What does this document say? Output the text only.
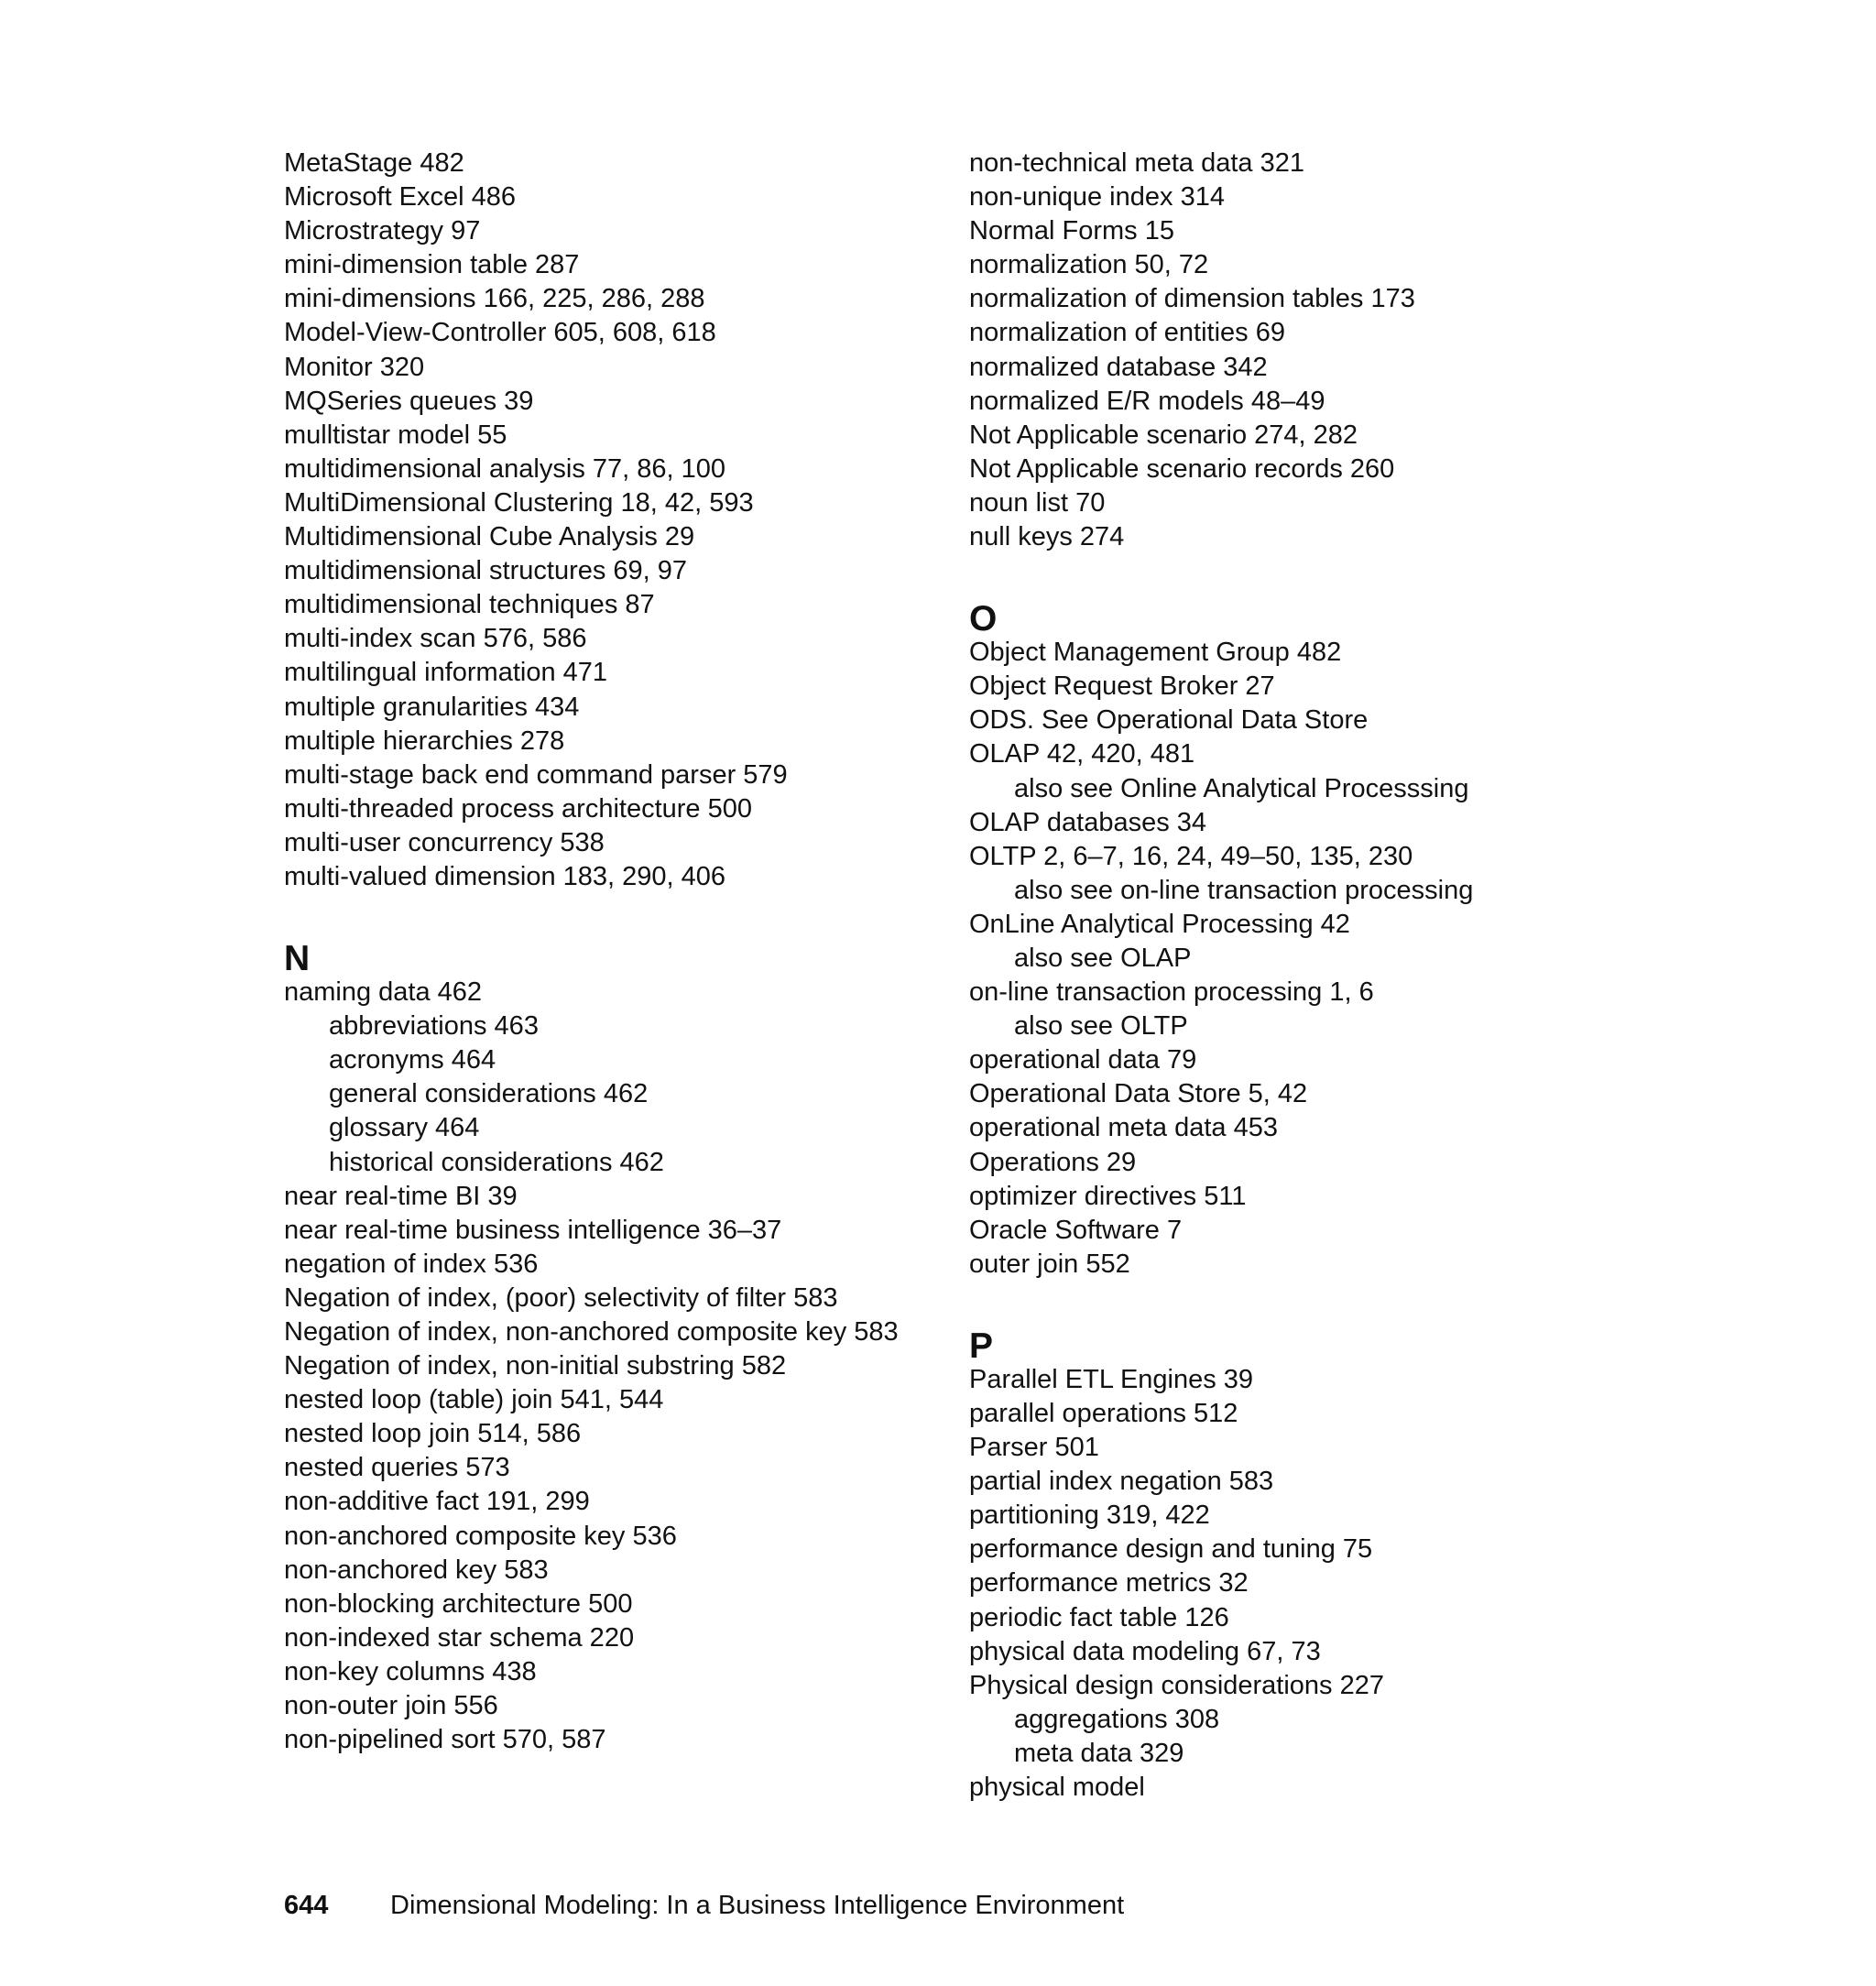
MetaStage 482

Microsoft Excel 486

Microstrategy 97

mini-dimension table 287

mini-dimensions 166, 225, 286, 288

Model-View-Controller 605, 608, 618

Monitor 320

MQSeries queues 39

mulltistar model 55

multidimensional analysis 77, 86, 100

MultiDimensional Clustering 18, 42, 593

Multidimensional Cube Analysis 29

multidimensional structures 69, 97

multidimensional techniques 87

multi-index scan 576, 586

multilingual information 471

multiple granularities 434

multiple hierarchies 278

multi-stage back end command parser 579

multi-threaded process architecture 500

multi-user concurrency 538

multi-valued dimension 183, 290, 406

N

naming data 462

abbreviations 463

acronyms 464

general considerations 462

glossary 464

historical considerations 462

near real-time BI 39

near real-time business intelligence 36–37

negation of index 536

Negation of index, (poor) selectivity of filter 583

Negation of index, non-anchored composite key 583

Negation of index, non-initial substring 582

nested loop (table) join 541, 544

nested loop join 514, 586

nested queries 573

non-additive fact 191, 299

non-anchored composite key 536

non-anchored key 583

non-blocking architecture 500

non-indexed star schema 220

non-key columns 438

non-outer join 556

non-pipelined sort 570, 587

non-technical meta data 321

non-unique index 314

Normal Forms 15

normalization 50, 72

normalization of dimension tables 173

normalization of entities 69

normalized database 342

normalized E/R models 48–49

Not Applicable scenario 274, 282

Not Applicable scenario records 260

noun list 70

null keys 274

O

Object Management Group 482

Object Request Broker 27

ODS. See Operational Data Store

OLAP 42, 420, 481

also see Online Analytical Processsing

OLAP databases 34

OLTP 2, 6–7, 16, 24, 49–50, 135, 230

also see on-line transaction processing

OnLine Analytical Processing 42

also see OLAP

on-line transaction processing 1, 6

also see OLTP

operational data 79

Operational Data Store 5, 42

operational meta data 453

Operations 29

optimizer directives 511

Oracle Software 7

outer join 552

P

Parallel ETL Engines 39

parallel operations 512

Parser 501

partial index negation 583

partitioning 319, 422

performance design and tuning 75

performance metrics 32

periodic fact table 126

physical data modeling 67, 73

Physical design considerations 227

aggregations 308

meta data 329

physical model

644 Dimensional Modeling: In a Business Intelligence Environment
